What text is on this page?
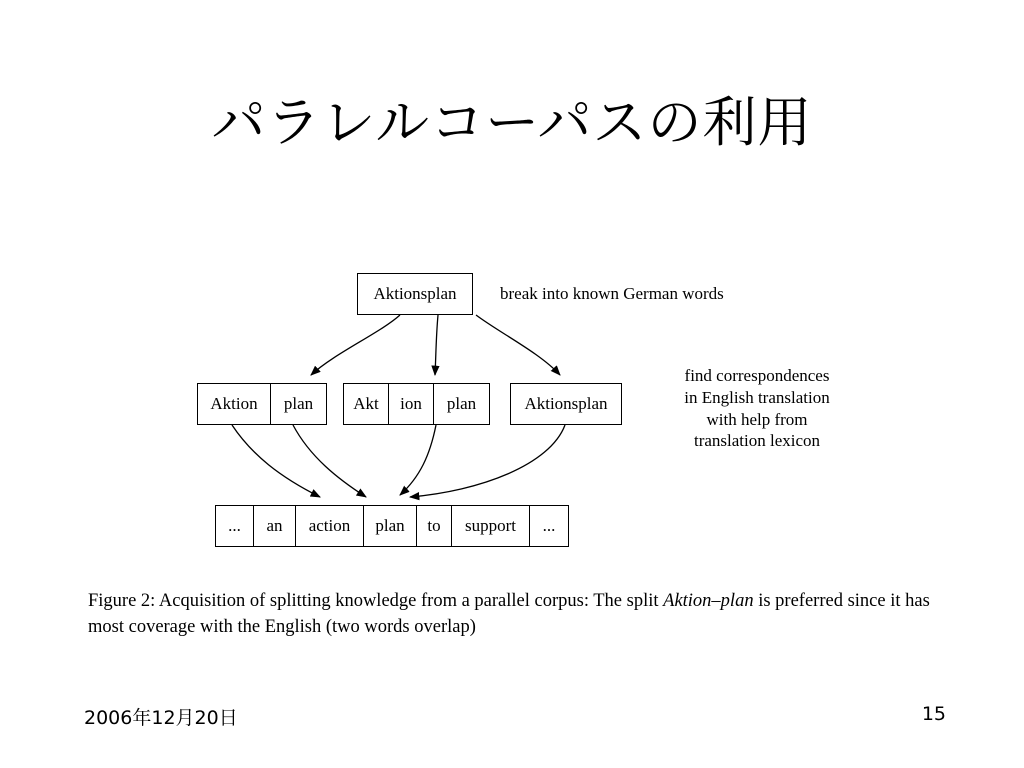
パラレルコーパスの利用
Aktionsplan
Aktion	plan	Akt	ion	plan	Aktionsplan
...	an	action	plan	to	support	...
break into known German words
find correspondences
in English translation
with help from
translation lexicon
Figure 2: Acquisition of splitting knowledge from a parallel corpus: The split Aktion–plan is preferred since it has most coverage with the English (two words overlap)
2006年12月20日	15
